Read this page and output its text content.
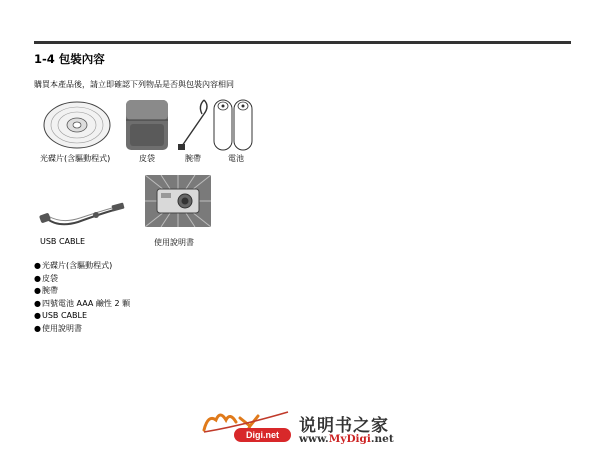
1-4 包裝內容
購買本產品後，請立即確認下列物品是否與包裝內容相同
光碟片(含驅動程式)	皮袋	腕帶	電池
USB CABLE	使用說明書
● 光碟片(含驅動程式)
● 皮袋
● 腕帶
● 四號電池 AAA 鹼性 2 顆
● USB CABLE
● 使用說明書
Digi.net	说明书之家
www.MyDigi.net
